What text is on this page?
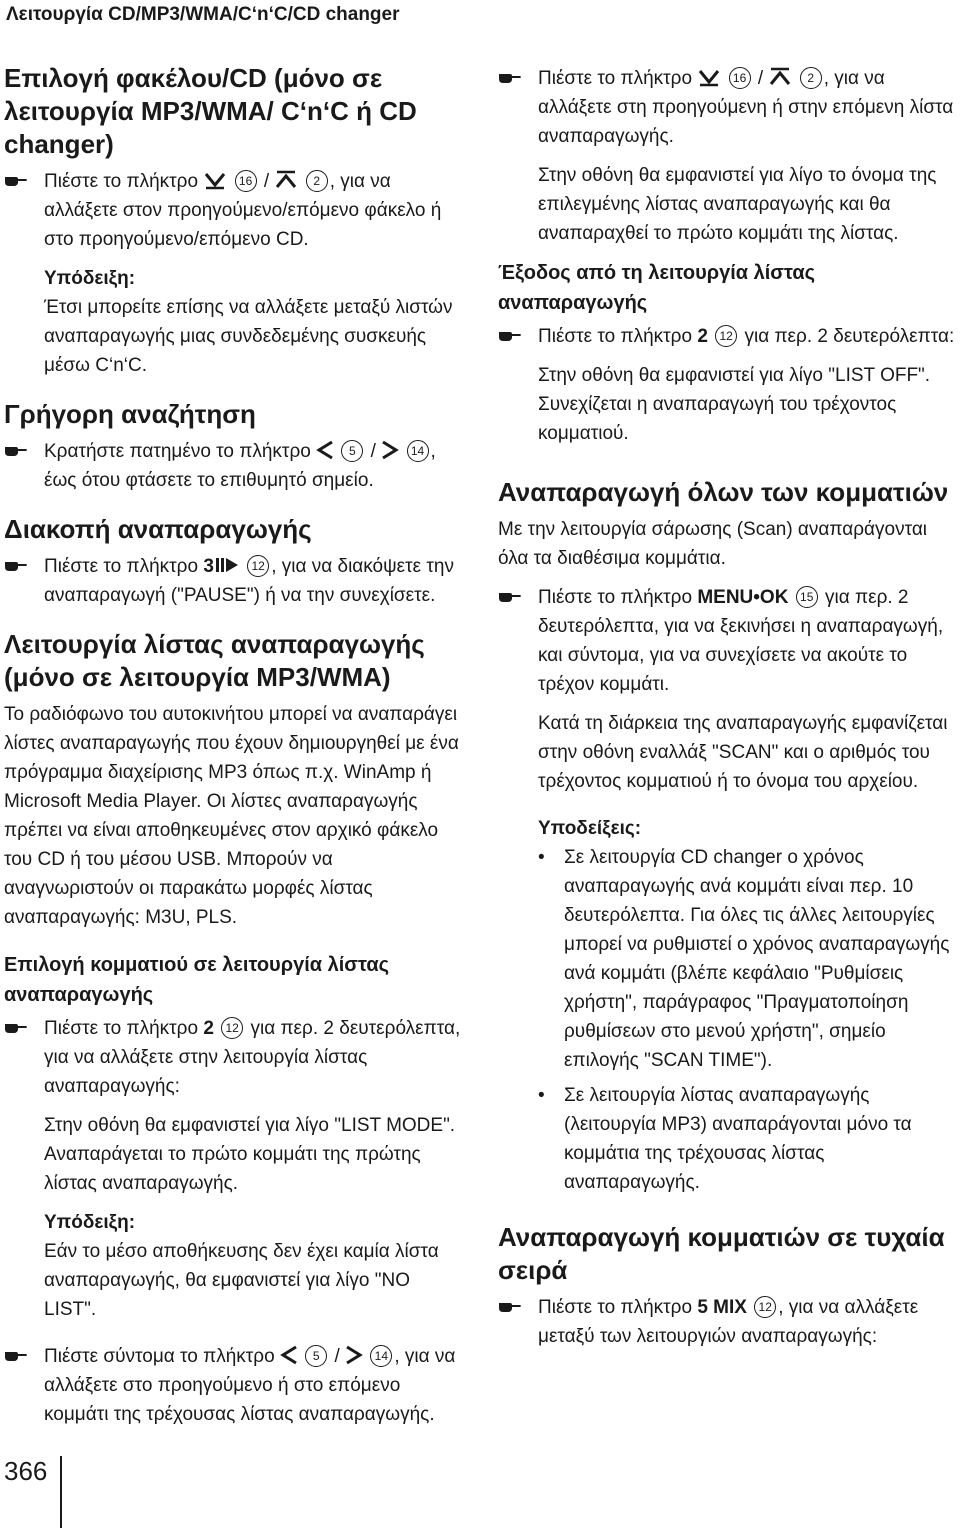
Λειτουργία CD/MP3/WMA/C‘n‘C/CD changer
Επιλογή φακέλου/CD (μόνο σε λειτουργία MP3/WMA/ C‘n‘C ή CD changer)
Πιέστε το πλήκτρο	16 /	2 , για να αλλάξετε στον προηγούμενο/επόμενο φάκελο ή στο προηγούμενο/επόμενο CD.
Υπόδειξη:

Έτσι μπορείτε επίσης να αλλάξετε μεταξύ λιστών αναπαραγωγής μιας συνδεδεμένης συσκευής μέσω C‘n‘C.

Γρήγορη αναζήτηση
Κρατήστε πατημένο το πλήκτρο	5 /	14 , έως ότου φτάσετε το επιθυμητό σημείο.
Διακοπή αναπαραγωγής
Πιέστε το πλήκτρο 3	12 , για να διακόψετε την αναπαραγωγή ("PAUSE") ή να την συνεχίσετε.
Λειτουργία λίστας αναπαραγωγής (μόνο σε λειτουργία MP3/WMA)

Το ραδιόφωνο του αυτοκινήτου μπορεί να αναπαράγει λίστες αναπαραγωγής που έχουν δημιουργηθεί με ένα πρόγραμμα διαχείρισης MP3 όπως π.χ. WinAmp ή Microsoft Media Player. Οι λίστες αναπαραγωγής πρέπει να είναι αποθηκευμένες στον αρχικό φάκελο του CD ή του μέσου USB. Μπορούν να αναγνωριστούν οι παρακάτω μορφές λίστας αναπαραγωγής: M3U, PLS.

Επιλογή κομματιού σε λειτουργία λίστας αναπαραγωγής
Πιέστε το πλήκτρο 2 12 για περ. 2 δευτερόλεπτα, για να αλλάξετε στην λειτουργία λίστας αναπαραγωγής:

Στην οθόνη θα εμφανιστεί για λίγο "LIST MODE". Αναπαράγεται το πρώτο κομμάτι της πρώτης λίστας αναπαραγωγής.

Υπόδειξη:

Εάν το μέσο αποθήκευσης δεν έχει καμία λίστα αναπαραγωγής, θα εμφανιστεί για λίγο "NO LIST".

Πιέστε σύντομα το πλήκτρο	5 /	14 , για να αλλάξετε στο προηγούμενο ή στο επόμενο κομμάτι της τρέχουσας λίστας αναπαραγωγής.
Πιέστε το πλήκτρο	16 /	2 , για να αλλάξετε στη προηγούμενη ή στην επόμενη λίστα αναπαραγωγής.

Στην οθόνη θα εμφανιστεί για λίγο το όνομα της επιλεγμένης λίστας αναπαραγωγής και θα αναπαραχθεί το πρώτο κομμάτι της λίστας.

Έξοδος από τη λειτουργία λίστας αναπαραγωγής
Πιέστε το πλήκτρο 2 12 για περ. 2 δευτερόλεπτα:

Στην οθόνη θα εμφανιστεί για λίγο "LIST OFF". Συνεχίζεται η αναπαραγωγή του τρέχοντος κομματιού.

Αναπαραγωγή όλων των κομματιών

Με την λειτουργία σάρωσης (Scan) αναπαράγονται όλα τα διαθέσιμα κομμάτια.

Πιέστε το πλήκτρο MENU•OK 15 για περ. 2 δευτερόλεπτα, για να ξεκινήσει η αναπαραγωγή, και σύντομα, για να συνεχίσετε να ακούτε το τρέχον κομμάτι.

Κατά τη διάρκεια της αναπαραγωγής εμφανίζεται στην οθόνη εναλλάξ "SCAN" και ο αριθμός του τρέχοντος κομματιού ή το όνομα του αρχείου.

Υποδείξεις:
• Σε λειτουργία CD changer ο χρόνος αναπαραγωγής ανά κομμάτι είναι περ. 10 δευτερόλεπτα. Για όλες τις άλλες λειτουργίες μπορεί να ρυθμιστεί ο χρόνος αναπαραγωγής ανά κομμάτι (βλέπε κεφάλαιο "Ρυθμίσεις χρήστη", παράγραφος "Πραγματοποίηση ρυθμίσεων στο μενού χρήστη", σημείο επιλογής "SCAN TIME").
• Σε λειτουργία λίστας αναπαραγωγής (λειτουργία MP3) αναπαράγονται μόνο τα κομμάτια της τρέχουσας λίστας αναπαραγωγής.
Αναπαραγωγή κομματιών σε τυχαία σειρά
Πιέστε το πλήκτρο 5 MIX 12 , για να αλλάξετε μεταξύ των λειτουργιών αναπαραγωγής:
366
